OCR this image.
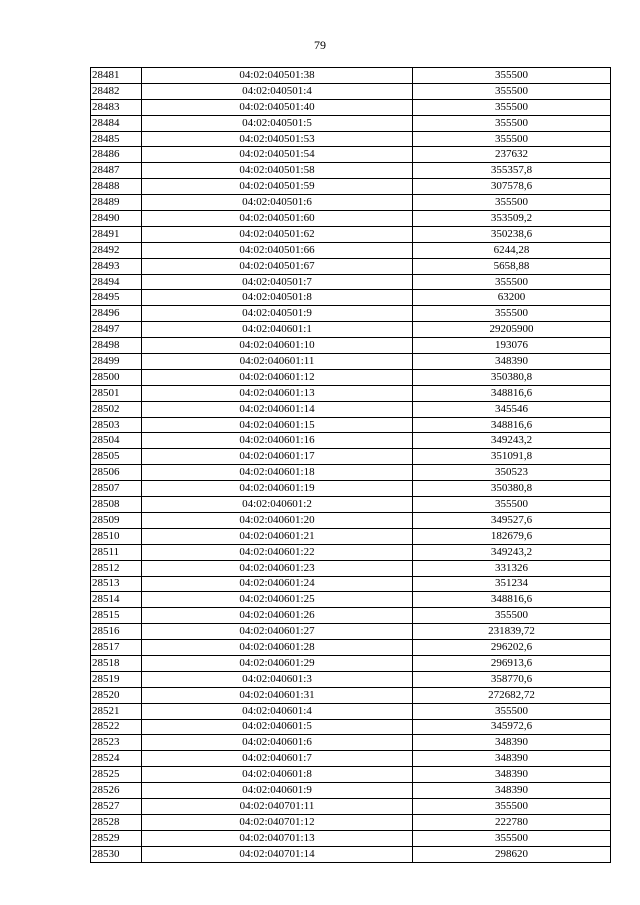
79
28481	04:02:040501:38	355500
28482	04:02:040501:4	355500
28483	04:02:040501:40	355500
28484	04:02:040501:5	355500
28485	04:02:040501:53	355500
28486	04:02:040501:54	237632
28487	04:02:040501:58	355357,8
28488	04:02:040501:59	307578,6
28489	04:02:040501:6	355500
28490	04:02:040501:60	353509,2
28491	04:02:040501:62	350238,6
28492	04:02:040501:66	6244,28
28493	04:02:040501:67	5658,88
28494	04:02:040501:7	355500
28495	04:02:040501:8	63200
28496	04:02:040501:9	355500
28497	04:02:040601:1	29205900
28498	04:02:040601:10	193076
28499	04:02:040601:11	348390
28500	04:02:040601:12	350380,8
28501	04:02:040601:13	348816,6
28502	04:02:040601:14	345546
28503	04:02:040601:15	348816,6
28504	04:02:040601:16	349243,2
28505	04:02:040601:17	351091,8
28506	04:02:040601:18	350523
28507	04:02:040601:19	350380,8
28508	04:02:040601:2	355500
28509	04:02:040601:20	349527,6
28510	04:02:040601:21	182679,6
28511	04:02:040601:22	349243,2
28512	04:02:040601:23	331326
28513	04:02:040601:24	351234
28514	04:02:040601:25	348816,6
28515	04:02:040601:26	355500
28516	04:02:040601:27	231839,72
28517	04:02:040601:28	296202,6
28518	04:02:040601:29	296913,6
28519	04:02:040601:3	358770,6
28520	04:02:040601:31	272682,72
28521	04:02:040601:4	355500
28522	04:02:040601:5	345972,6
28523	04:02:040601:6	348390
28524	04:02:040601:7	348390
28525	04:02:040601:8	348390
28526	04:02:040601:9	348390
28527	04:02:040701:11	355500
28528	04:02:040701:12	222780
28529	04:02:040701:13	355500
28530	04:02:040701:14	298620
